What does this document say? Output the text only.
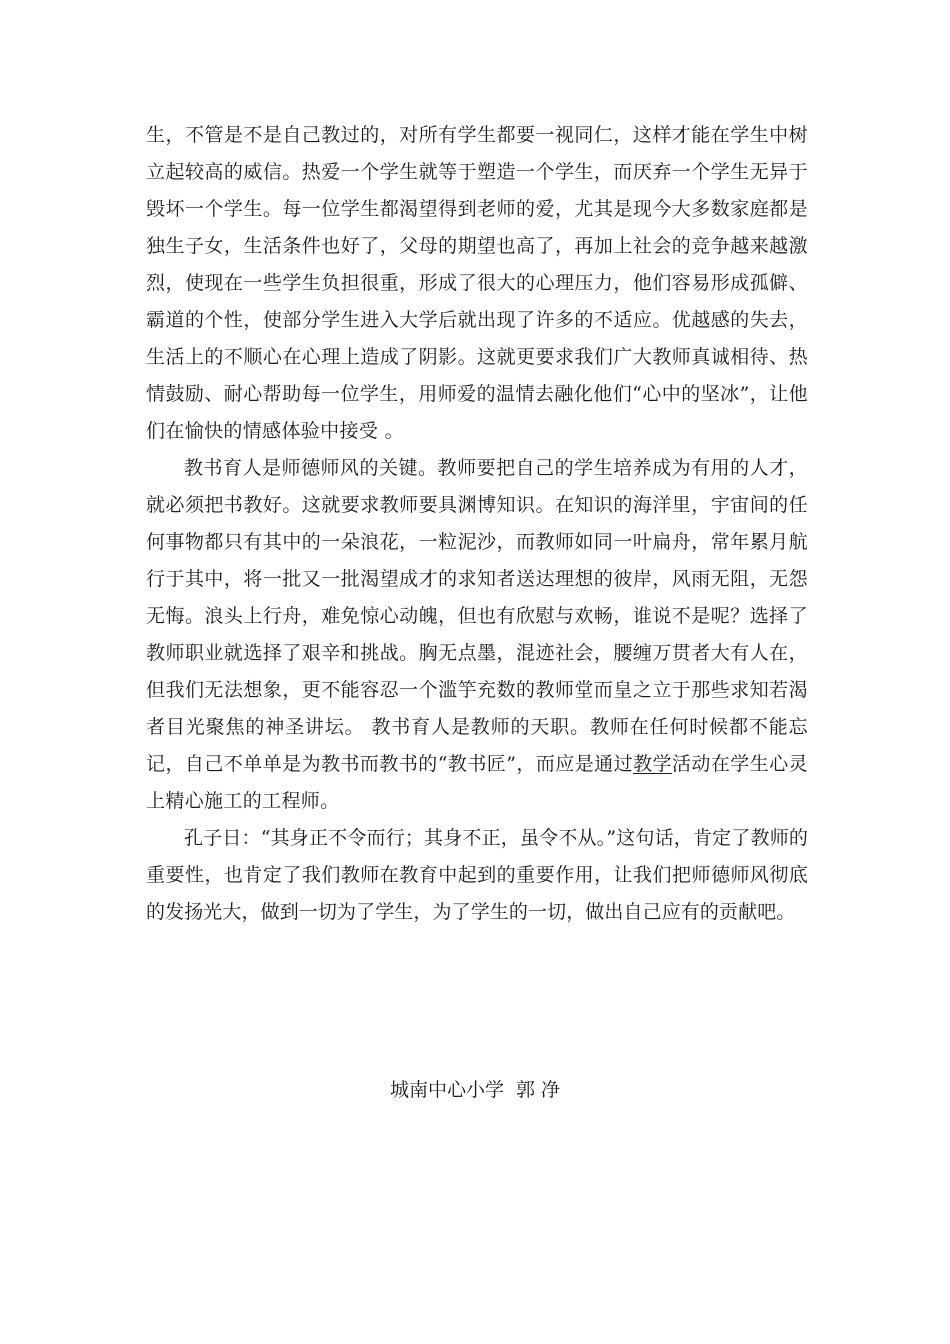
生，不管是不是自己教过的，对所有学生都要一视同仁，这样才能在学生中树立起较高的威信。热爱一个学生就等于塑造一个学生，而厌弃一个学生无异于毁坏一个学生。每一位学生都渴望得到老师的爱，尤其是现今大多数家庭都是独生子女，生活条件也好了，父母的期望也高了，再加上社会的竞争越来越激烈，使现在一些学生负担很重，形成了很大的心理压力，他们容易形成孤僻、霸道的个性，使部分学生进入大学后就出现了许多的不适应。优越感的失去，生活上的不顺心在心理上造成了阴影。这就更要求我们广大教师真诚相待、热情鼓励、耐心帮助每一位学生，用师爱的温情去融化他们“心中的坚冰”，让他们在愉快的情感体验中接受 。

教书育人是师德师风的关键。教师要把自己的学生培养成为有用的人才，就必须把书教好。这就要求教师要具渊博知识。在知识的海洋里，宇宙间的任何事物都只有其中的一朵浪花，一粒泥沙，而教师如同一叶扁舟，常年累月航行于其中，将一批又一批渴望成才的求知者送达理想的彼岸，风雨无阻，无怨无悔。浪头上行舟，难免惊心动魄，但也有欣慰与欢畅，谁说不是呢？选择了教师职业就选择了艰辛和挑战。胸无点墨，混迹社会，腰缠万贯者大有人在，但我们无法想象，更不能容忍一个滥竽充数的教师堂而皇之立于那些求知若渴者目光聚焦的神圣讲坛。 教书育人是教师的天职。教师在任何时候都不能忘记，自己不单单是为教书而教书的“教书匠”，而应是通过教学活动在学生心灵上精心施工的工程师。

孔子日：“其身正不令而行；其身不正，虽令不从。”这句话，肯定了教师的重要性，也肯定了我们教师在教育中起到的重要作用，让我们把师德师风彻底的发扬光大，做到一切为了学生，为了学生的一切，做出自己应有的贡献吧。

城南中心小学  郭 净
